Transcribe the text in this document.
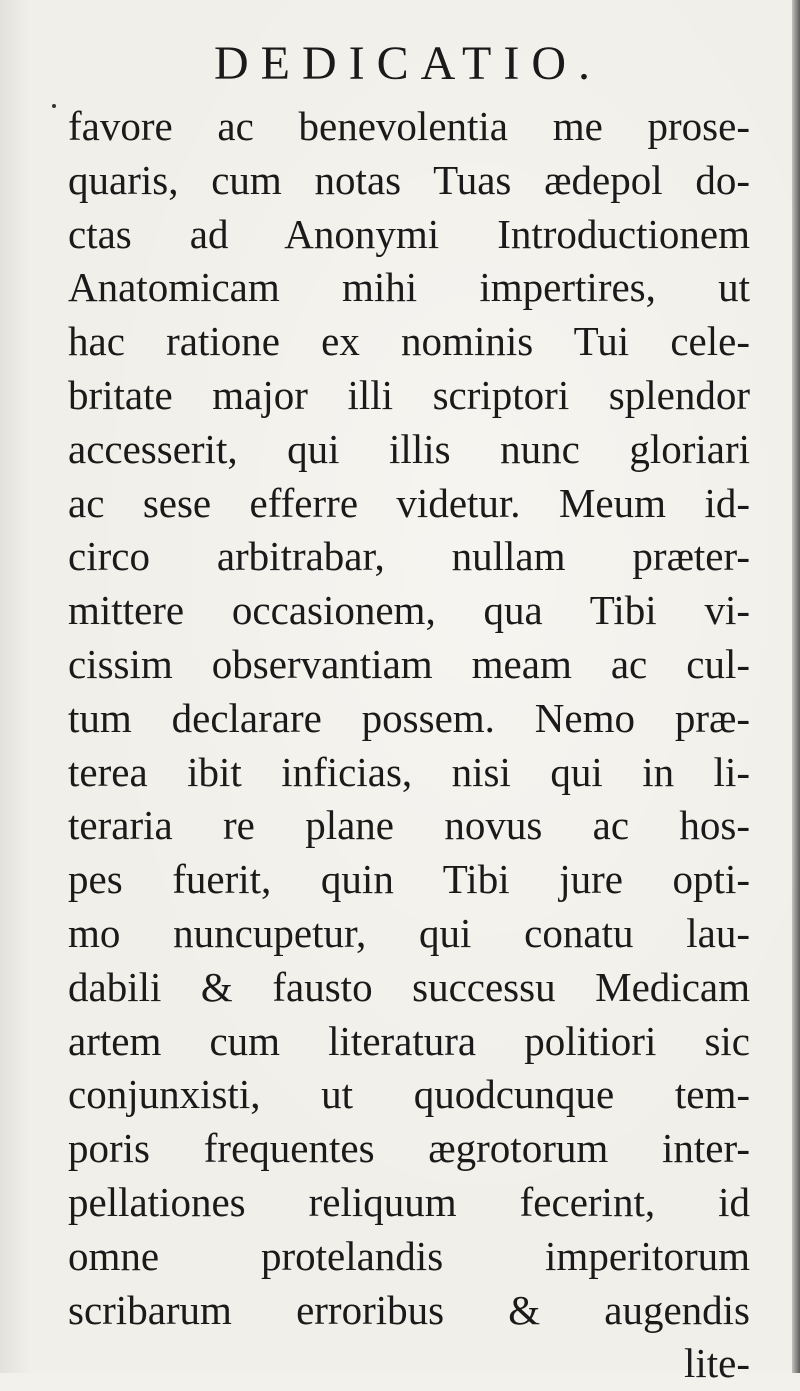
DEDICATIO.
favore ac benevolentia me prose-
quaris, cum notas Tuas ædepol do-
ctas ad Anonymi Introductionem
Anatomicam mihi impertires, ut
hac ratione ex nominis Tui cele-
britate major illi scriptori splendor
accesserit, qui illis nunc gloriari
ac sese efferre videtur. Meum id-
circo arbitrabar, nullam præter-
mittere occasionem, qua Tibi vi-
cissim observantiam meam ac cul-
tum declarare possem. Nemo præ-
terea ibit inficias, nisi qui in li-
teraria re plane novus ac hos-
pes fuerit, quin Tibi jure opti-
mo nuncupetur, qui conatu lau-
dabili & fausto successu Medicam
artem cum literatura politiori sic
conjunxisti, ut quodcunque tem-
poris frequentes ægrotorum inter-
pellationes reliquum fecerint, id
omne protelandis imperitorum
scribarum erroribus & augendis
lite-
